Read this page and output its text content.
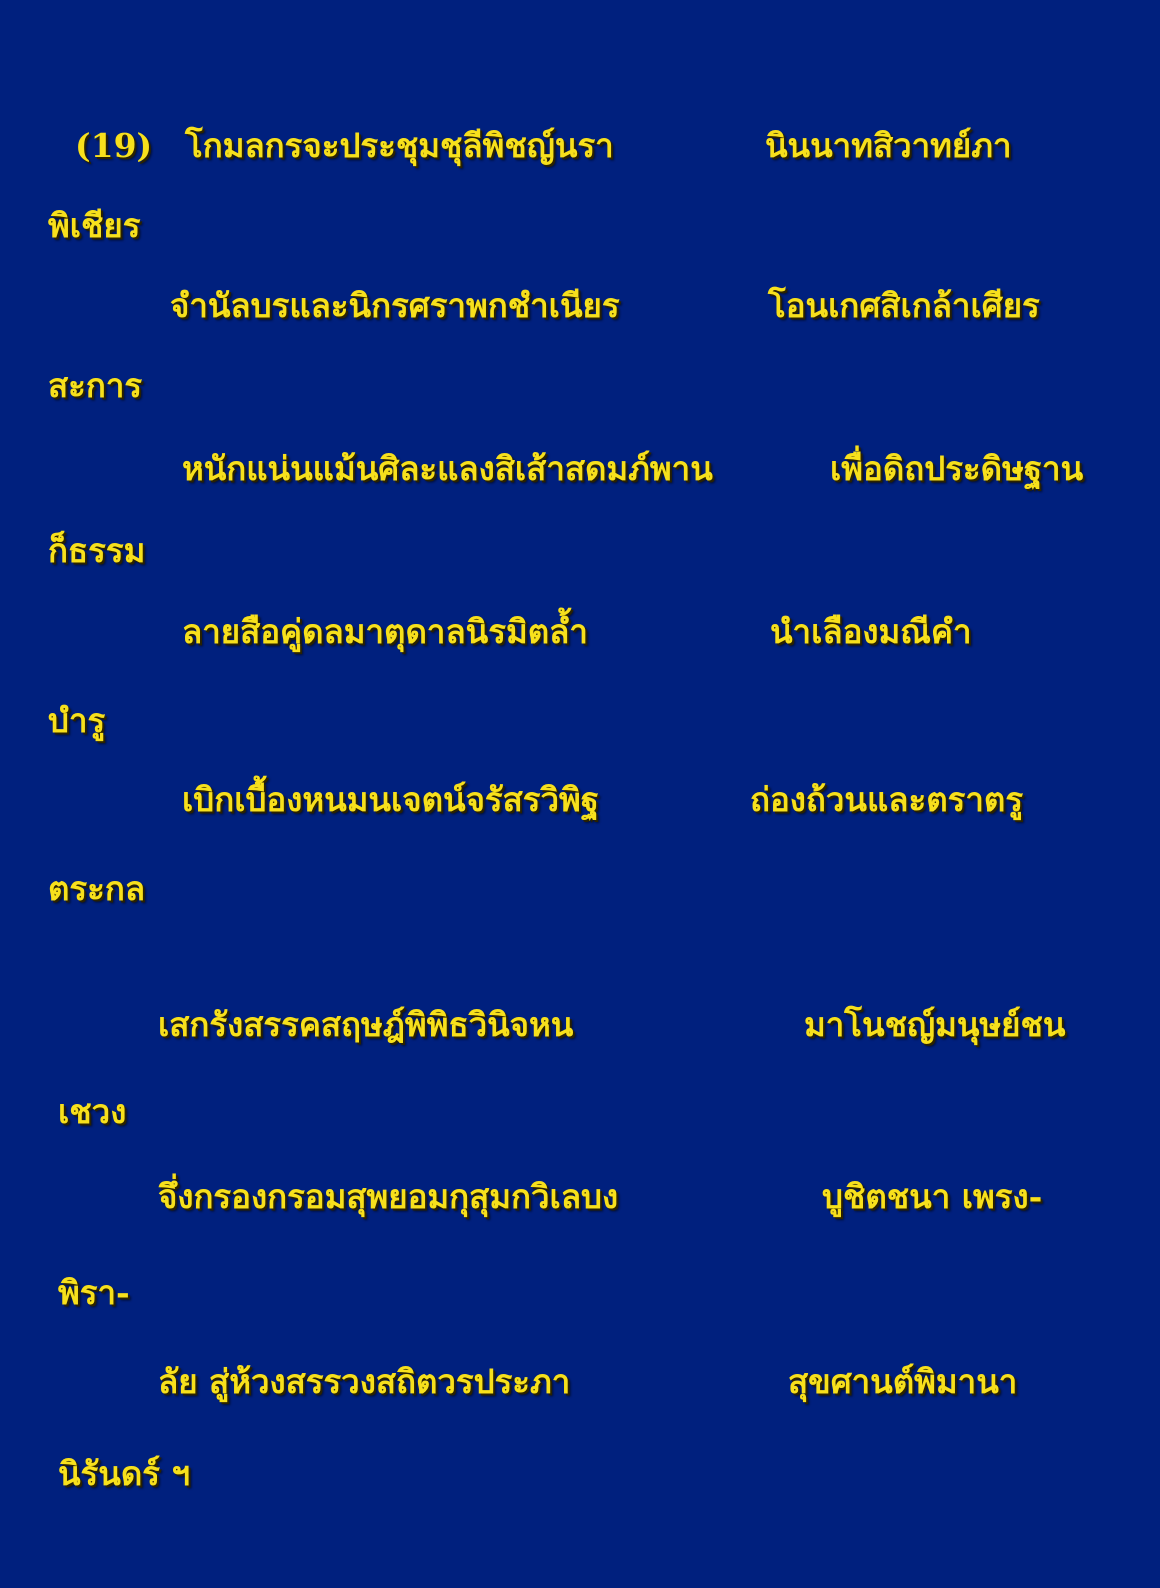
(19) โกมลกรจะประชุมชุลีพิชญ์นรา	นินนาทสิวาทย์ภา
พิเชียร
จำนัลบรและนิกรศราพกชำเนียร	โอนเกศสิเกล้าเศียร
สะการ
หนักแน่นแม้นศิละแลงสิเส้าสดมภ์พาน	เพื่อดิถประดิษฐาน
ก็ธรรม
ลายสือคู่ดลมาตุดาลนิรมิตล้ำ	นำเลืองมณีคำ
บำรู
เบิกเบื้องหนมนเจตน์จรัสรวิพิฐ	ถ่องถ้วนและตราตรู
ตระกล
เสกรังสรรคสฤษฎ์พิพิธวินิจหน	มาโนชญ์มนุษย์ชน
เชวง
จึ่งกรองกรอมสุพยอมกุสุมกวิเลบง	บูชิตชนา เพรง-
พิรา-
ลัย สู่ห้วงสรรวงสถิตวรประภา	สุขศานต์พิมานา
นิรันดร์ ฯ
